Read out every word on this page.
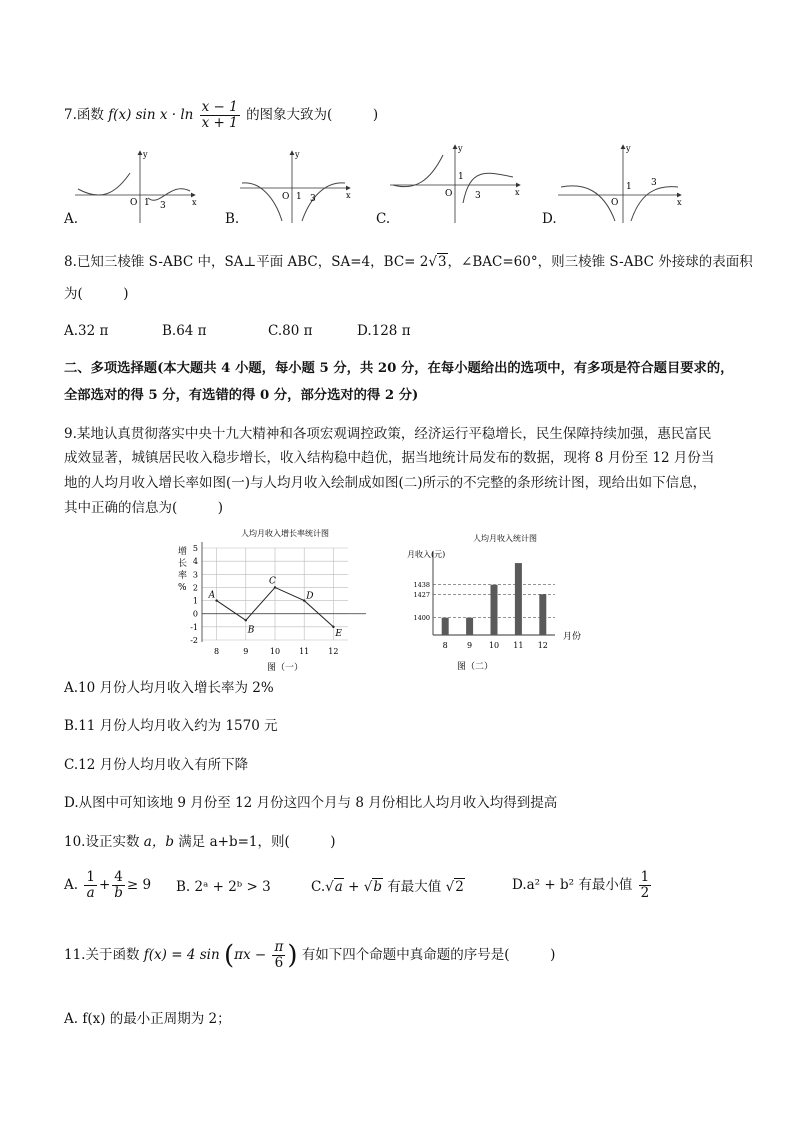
7.函数 f(x) $\sin x \cdot \ln \frac{x - 1}{x + 1}$ 的图象大致为(　　　)
y
x
O 1 3
y
x
O 1 3
y
x
O
1
3
y
x
O
1 3
A.	B.	C.	D.
8.已知三棱锥 S-ABC 中，SA⊥平面 ABC，SA=4，BC= 2√3，∠BAC=60°，则三棱锥 S-ABC 外接球的表面积
为(　　　)
A.32 π	B.64 π	C.80 π	D.128 π
二、多项选择题(本大题共 4 小题，每小题 5 分，共 20 分，在每小题给出的选项中，有多项是符合题目要求的，
全部选对的得 5 分，有选错的得 0 分，部分选对的得 2 分)
9.某地认真贯彻落实中央十九大精神和各项宏观调控政策，经济运行平稳增长，民生保障持续加强，惠民富民
成效显著，城镇居民收入稳步增长，收入结构稳中趋优，据当地统计局发布的数据，现将 8 月份至 12 月份当
地的人均月收入增长率如图(一)与人均月收入绘制成如图(二)所示的不完整的条形统计图，现给出如下信息，
其中正确的信息为(　　　)
人均月收入增长率统计图
增 长 率 %
-2
-1
0
1
2
3
4
5
8	9	10 11 12
A
B
C
D
E
图（一）
人均月收入统计图
月收入(元)
1400
1427
1438
8 9 10 11 12
月份
图（二）
A.10 月份人均月收入增长率为 2%
B.11 月份人均月收入约为 1570 元
C.12 月份人均月收入有所下降
D.从图中可知该地 9 月份至 12 月份这四个月与 8 月份相比人均月收入均得到提高
10.设正实数 a，b 满足 a+b=1，则(　　　)
A. $\frac{1}{a} + \frac{4}{b} \ge 9$ B. 2ᵃ + 2ᵇ > 3	C.√a + √b 有最大值 √2	D.a² + b² 有最小值 $\frac{1}{2}$
11.关于函数 f(x) = 4 $\sin (\pi x - \frac{\pi}{6}$ ) 有如下四个命题中真命题的序号是(　　　)
A. f(x) 的最小正周期为 2；
